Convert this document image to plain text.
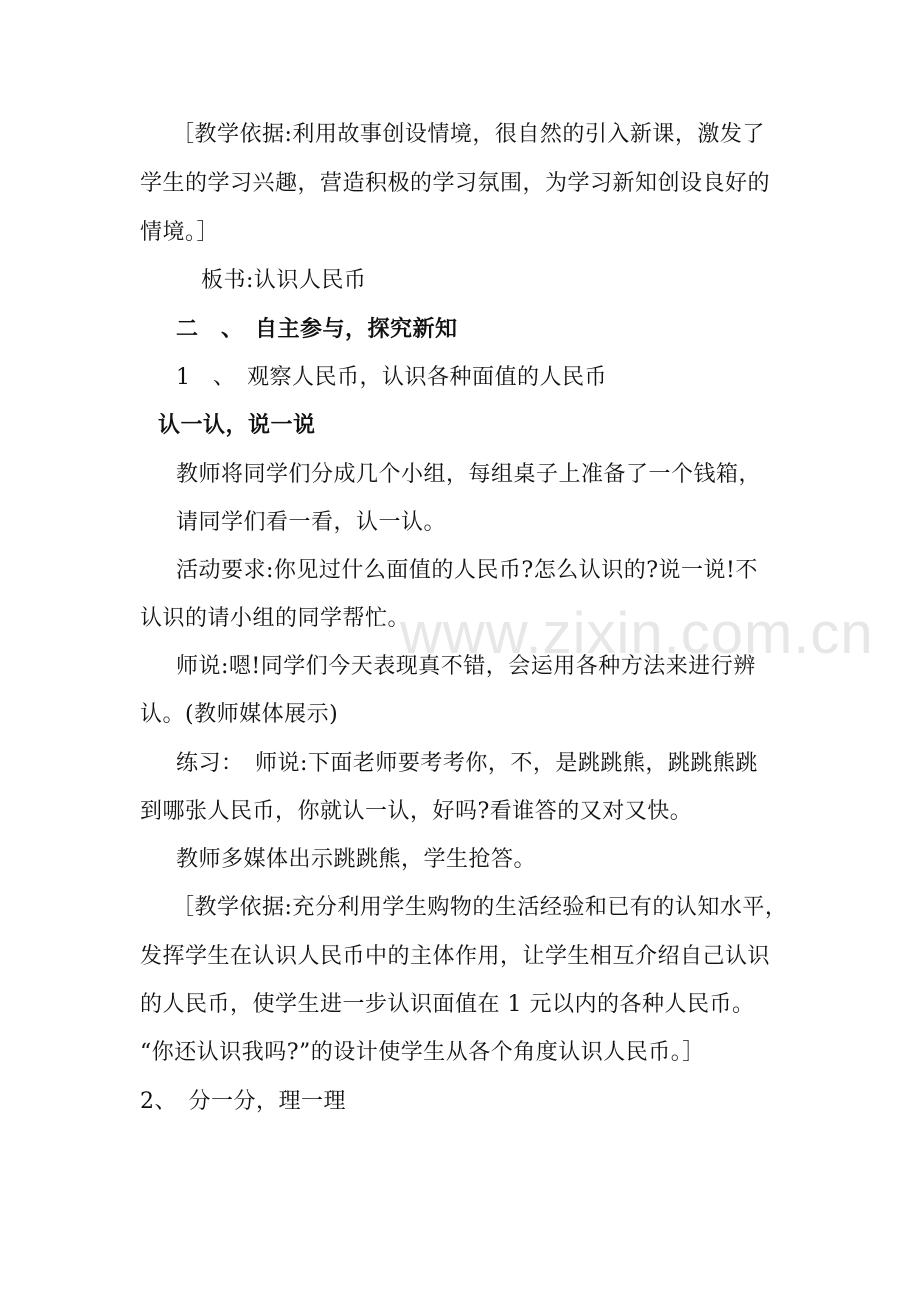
www.zixin.com.cn
［教学依据:利用故事创设情境，很自然的引入新课，激发了
学生的学习兴趣，营造积极的学习氛围，为学习新知创设良好的
情境。］
板书:认识人民币
二　、　自主参与，探究新知
1　、　观察人民币，认识各种面值的人民币
认一认，说一说
教师将同学们分成几个小组，每组桌子上准备了一个钱箱，
请同学们看一看，认一认。
活动要求:你见过什么面值的人民币?怎么认识的?说一说!不
认识的请小组的同学帮忙。
师说:嗯!同学们今天表现真不错，会运用各种方法来进行辨
认。(教师媒体展示)
练习：　师说:下面老师要考考你，不，是跳跳熊，跳跳熊跳
到哪张人民币，你就认一认，好吗?看谁答的又对又快。
教师多媒体出示跳跳熊，学生抢答。
［教学依据:充分利用学生购物的生活经验和已有的认知水平，
发挥学生在认识人民币中的主体作用，让学生相互介绍自己认识
的人民币，使学生进一步认识面值在 1 元以内的各种人民币。
“你还认识我吗?”的设计使学生从各个角度认识人民币。］
2、　分一分，理一理
